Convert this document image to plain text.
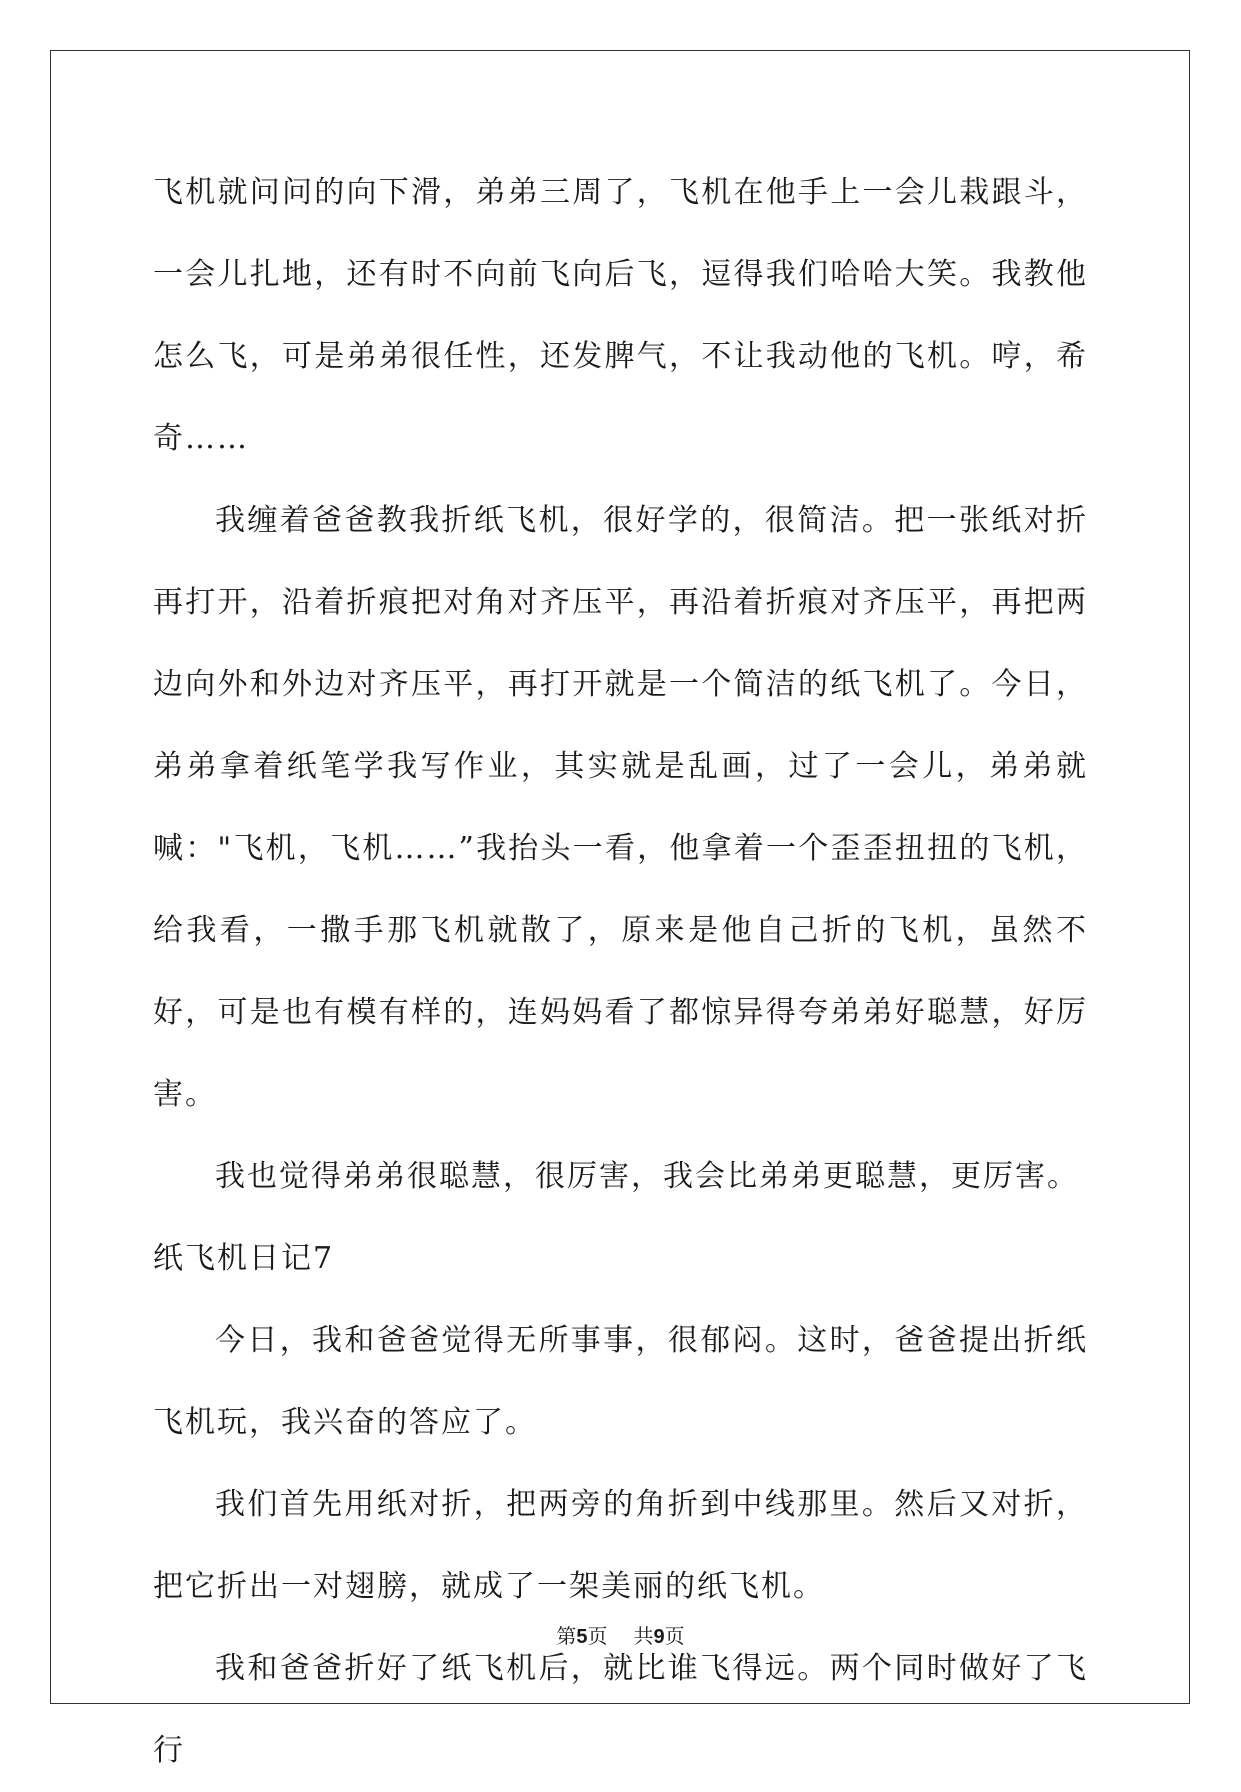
飞机就问问的向下滑，弟弟三周了，飞机在他手上一会儿栽跟斗，一会儿扎地，还有时不向前飞向后飞，逗得我们哈哈大笑。我教他怎么飞，可是弟弟很任性，还发脾气，不让我动他的飞机。哼，希奇……

我缠着爸爸教我折纸飞机，很好学的，很简洁。把一张纸对折再打开，沿着折痕把对角对齐压平，再沿着折痕对齐压平，再把两边向外和外边对齐压平，再打开就是一个简洁的纸飞机了。今日，弟弟拿着纸笔学我写作业，其实就是乱画，过了一会儿，弟弟就喊："飞机，飞机……”我抬头一看，他拿着一个歪歪扭扭的飞机，给我看，一撒手那飞机就散了，原来是他自己折的飞机，虽然不好，可是也有模有样的，连妈妈看了都惊异得夸弟弟好聪慧，好厉害。

我也觉得弟弟很聪慧，很厉害，我会比弟弟更聪慧，更厉害。

纸飞机日记7

今日，我和爸爸觉得无所事事，很郁闷。这时，爸爸提出折纸飞机玩，我兴奋的答应了。

我们首先用纸对折，把两旁的角折到中线那里。然后又对折，把它折出一对翅膀，就成了一架美丽的纸飞机。

我和爸爸折好了纸飞机后，就比谁飞得远。两个同时做好了飞行

第5页 共9页
